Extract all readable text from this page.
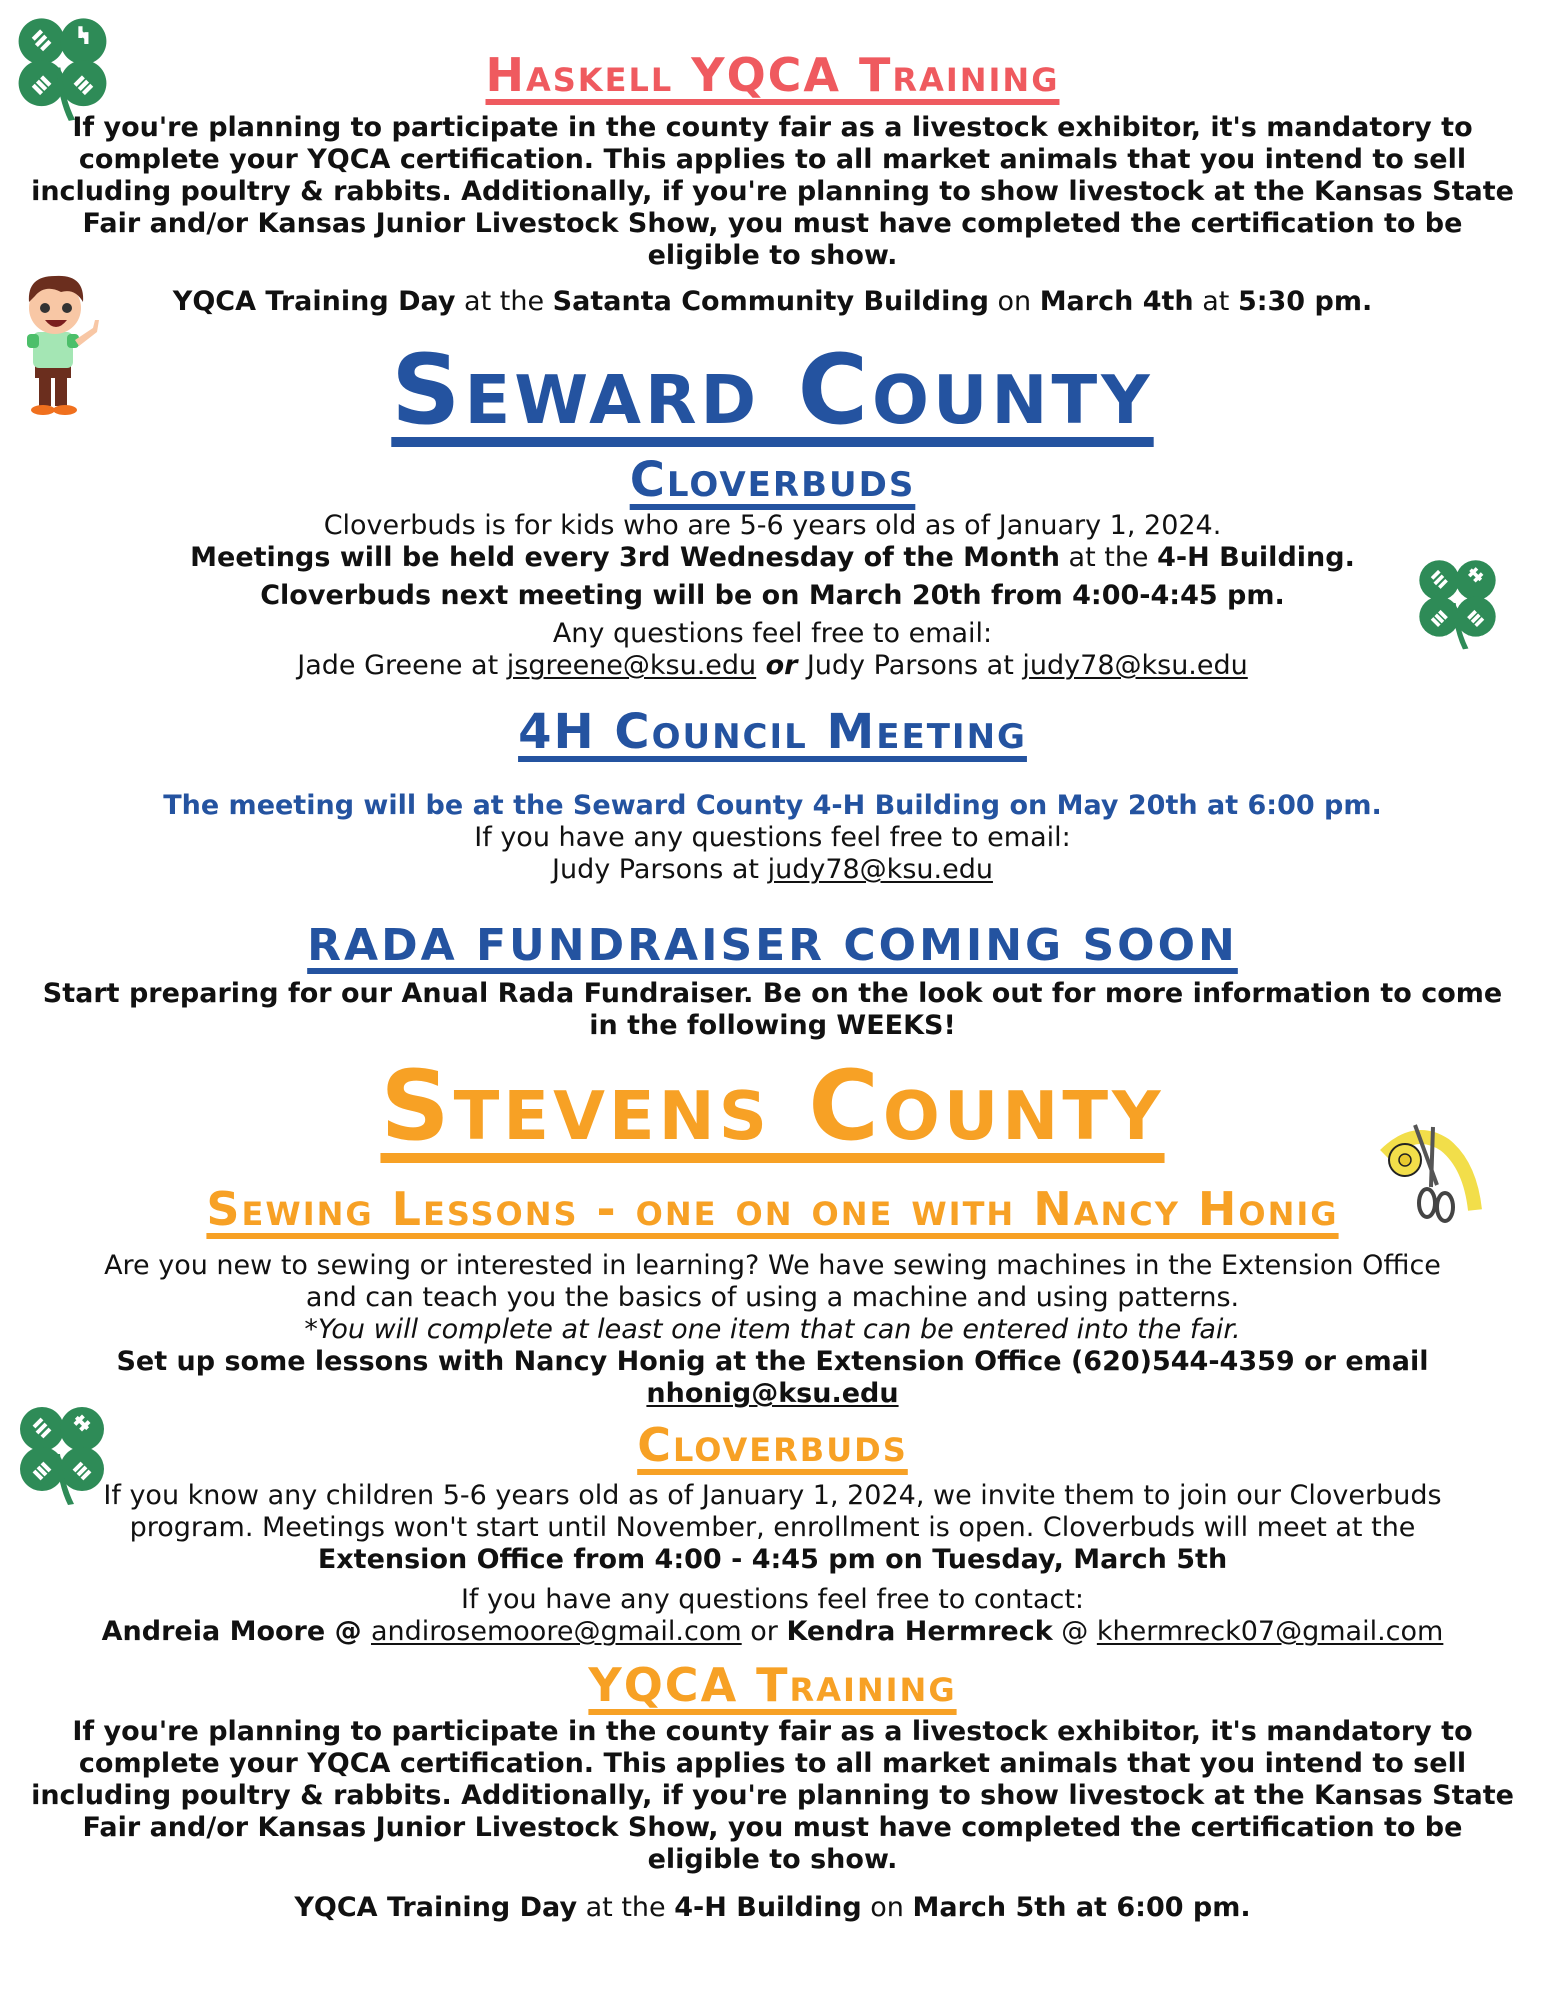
Haskell YQCA Training
If you're planning to participate in the county fair as a livestock exhibitor, it's mandatory to
complete your YQCA certification. This applies to all market animals that you intend to sell
including poultry & rabbits. Additionally, if you're planning to show livestock at the Kansas State
Fair and/or Kansas Junior Livestock Show, you must have completed the certification to be
eligible to show.
YQCA Training Day at the Satanta Community Building on March 4th at 5:30 pm.
Seward County
Cloverbuds
Cloverbuds is for kids who are 5-6 years old as of January 1, 2024.
Meetings will be held every 3rd Wednesday of the Month at the 4-H Building.
Cloverbuds next meeting will be on March 20th from 4:00-4:45 pm.
Any questions feel free to email:
Jade Greene at jsgreene@ksu.edu or Judy Parsons at judy78@ksu.edu
4H Council Meeting
The meeting will be at the Seward County 4-H Building on May 20th at 6:00 pm.
If you have any questions feel free to email:
Judy Parsons at judy78@ksu.edu
RADA FUNDRAISER COMING SOON
Start preparing for our Anual Rada Fundraiser. Be on the look out for more information to come
in the following WEEKS!
Stevens County
Sewing Lessons - one on one with Nancy Honig
Are you new to sewing or interested in learning? We have sewing machines in the Extension Office
and can teach you the basics of using a machine and using patterns.
*You will complete at least one item that can be entered into the fair.
Set up some lessons with Nancy Honig at the Extension Office (620)544-4359 or email
nhonig@ksu.edu
Cloverbuds
If you know any children 5-6 years old as of January 1, 2024, we invite them to join our Cloverbuds
program. Meetings won't start until November, enrollment is open. Cloverbuds will meet at the
Extension Office from 4:00 - 4:45 pm on Tuesday, March 5th
If you have any questions feel free to contact:
Andreia Moore @ andirosemoore@gmail.com or Kendra Hermreck @ khermreck07@gmail.com
YQCA Training
If you're planning to participate in the county fair as a livestock exhibitor, it's mandatory to
complete your YQCA certification. This applies to all market animals that you intend to sell
including poultry & rabbits. Additionally, if you're planning to show livestock at the Kansas State
Fair and/or Kansas Junior Livestock Show, you must have completed the certification to be
eligible to show.
YQCA Training Day at the 4-H Building on March 5th at 6:00 pm.
